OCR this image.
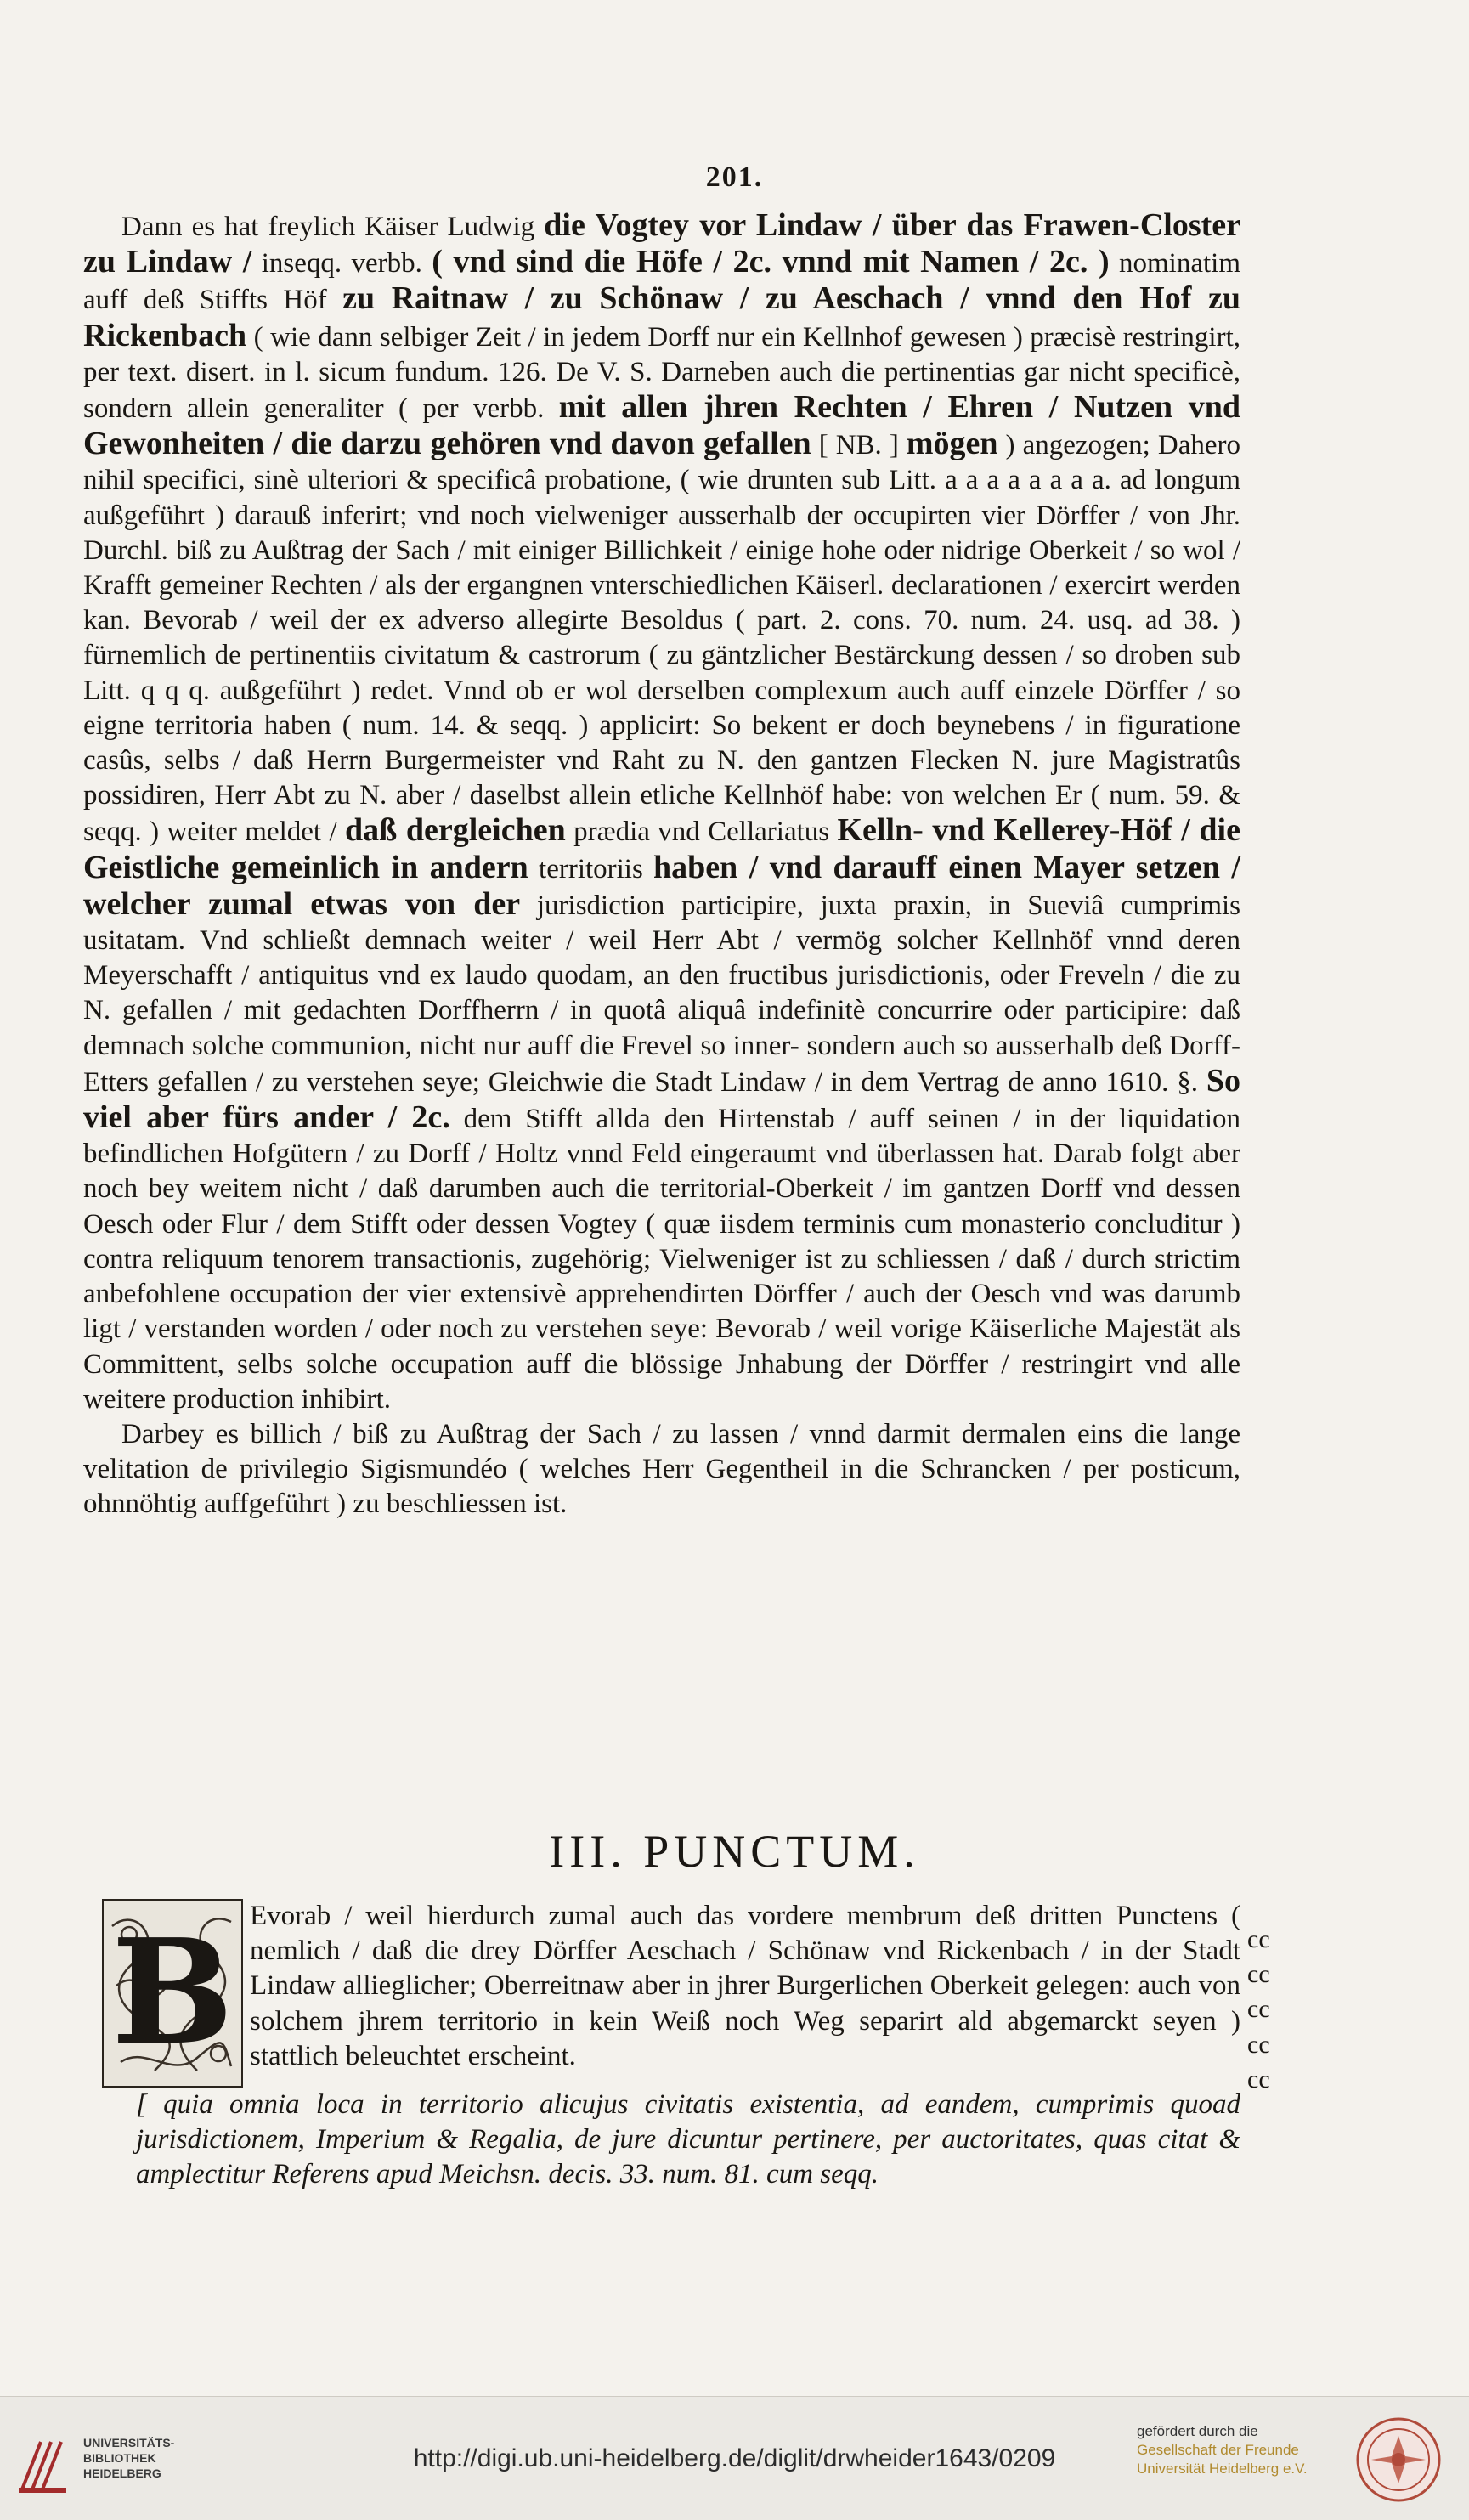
201.

Dann es hat freylich Käiser Ludwig die Vogtey vor Lindaw / über das Frawen-Closter zu Lindaw / inseqq. verbb. ( vnd sind die Höfe / 2c. vnnd mit Namen / 2c. ) nominatim auff deß Stiffts Höf zu Raitnaw / zu Schönaw / zu Aeschach / vnnd den Hof zu Rickenbach ( wie dann selbiger Zeit / in jedem Dorff nur ein Kellnhof gewesen ) præcisè restringirt, per text. disert. in l. sicum fundum. 126. De V. S. Darneben auch die pertinentias gar nicht specificè, sondern allein generaliter ( per verbb. mit allen jhren Rechten / Ehren / Nutzen vnd Gewonheiten / die darzu gehören vnd davon gefallen [ NB. ] mögen ) angezogen; Dahero nihil specifici, sinè ulteriori & specificâ probatione, ( wie drunten sub Litt. a a a a a a a a. ad longum außgeführt ) darauß inferirt; vnd noch vielweniger ausserhalb der occupirten vier Dörffer / von Jhr. Durchl. biß zu Außtrag der Sach / mit einiger Billichkeit / einige hohe oder nidrige Oberkeit / so wol / Krafft gemeiner Rechten / als der ergangnen vnterschiedlichen Käiserl. declarationen / exercirt werden kan. Bevorab / weil der ex adverso allegirte Besoldus ( part. 2. cons. 70. num. 24. usq. ad 38. ) fürnemlich de pertinentiis civitatum & castrorum ( zu gäntzlicher Bestärckung dessen / so droben sub Litt. q q q. außgeführt ) redet. Vnnd ob er wol derselben complexum auch auff einzele Dörffer / so eigne territoria haben ( num. 14. & seqq. ) applicirt: So bekent er doch beynebens / in figuratione casûs, selbs / daß Herrn Burgermeister vnd Raht zu N. den gantzen Flecken N. jure Magistratûs possidiren, Herr Abt zu N. aber / daselbst allein etliche Kellnhöf habe: von welchen Er ( num. 59. & seqq. ) weiter meldet / daß dergleichen prædia vnd Cellariatus Kelln- vnd Kellerey-Höf / die Geistliche gemeinlich in andern territoriis haben / vnd darauff einen Mayer setzen / welcher zumal etwas von der jurisdiction participire, juxta praxin, in Sueviâ cumprimis usitatam. Vnd schließt demnach weiter / weil Herr Abt / vermög solcher Kellnhöf vnnd deren Meyerschafft / antiquitus vnd ex laudo quodam, an den fructibus jurisdictionis, oder Freveln / die zu N. gefallen / mit gedachten Dorffherrn / in quotâ aliquâ indefinitè concurrire oder participire: daß demnach solche communion, nicht nur auff die Frevel so inner- sondern auch so ausserhalb deß Dorff-Etters gefallen / zu verstehen seye; Gleichwie die Stadt Lindaw / in dem Vertrag de anno 1610. §. So viel aber fürs ander / 2c. dem Stifft allda den Hirtenstab / auff seinen / in der liquidation befindlichen Hofgütern / zu Dorff / Holtz vnnd Feld eingeraumt vnd überlassen hat. Darab folgt aber noch bey weitem nicht / daß darumben auch die territorial-Oberkeit / im gantzen Dorff vnd dessen Oesch oder Flur / dem Stifft oder dessen Vogtey ( quæ iisdem terminis cum monasterio concluditur ) contra reliquum tenorem transactionis, zugehörig; Vielweniger ist zu schliessen / daß / durch strictim anbefohlene occupation der vier extensivè apprehendirten Dörffer / auch der Oesch vnd was darumb ligt / verstanden worden / oder noch zu verstehen seye: Bevorab / weil vorige Käiserliche Majestät als Committent, selbs solche occupation auff die blössige Jnhabung der Dörffer / restringirt vnd alle weitere production inhibirt.

Darbey es billich / biß zu Außtrag der Sach / zu lassen / vnnd darmit dermalen eins die lange velitation de privilegio Sigismundéo ( welches Herr Gegentheil in die Schrancken / per posticum, ohnnöhtig auffgeführt ) zu beschliessen ist.

III. PUNCTUM.
cc
cc
cc
cc
cc
B Evorab / weil hierdurch zumal auch das vordere membrum deß dritten Punctens ( nemlich / daß die drey Dörffer Aeschach / Schönaw vnd Rickenbach / in der Stadt Lindaw allieglicher; Oberreitnaw aber in jhrer Burgerlichen Oberkeit gelegen: auch von solchem jhrem territorio in kein Weiß noch Weg separirt ald abgemarckt seyen ) stattlich beleuchtet erscheint.

[ quia omnia loca in territorio alicujus civitatis existentia, ad eandem, cumprimis quoad jurisdictionem, Imperium & Regalia, de jure dicuntur pertinere, per auctoritates, quas citat & amplectitur Referens apud Meichsn. decis. 33. num. 81. cum seqq.

UNIVERSITÄTS-
BIBLIOTHEK
HEIDELBERG
http://digi.ub.uni-heidelberg.de/diglit/drwheider1643/0209
gefördert durch die
Gesellschaft der Freunde
Universität Heidelberg e.V.
